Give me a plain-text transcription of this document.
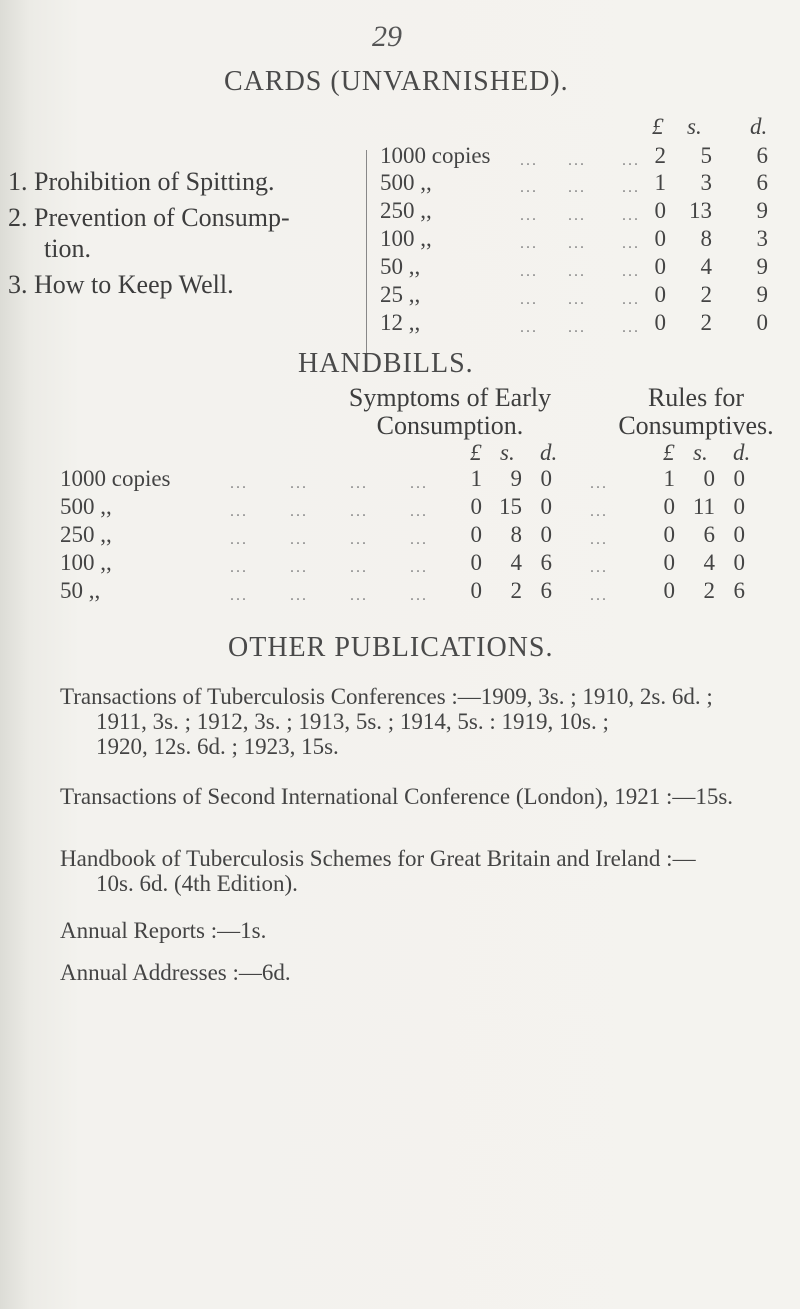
29
CARDS (UNVARNISHED).
1. Prohibition of Spitting.
2. Prevention of Consump-
tion.
3. How to Keep Well.
£ s. d.
1000 copies ...     ...      ... 2	5	6
500 ,,	...     ...      ... 1	3	6
250 ,,	...     ...      ... 0	13	9
100 ,,	...     ...      ... 0	8	3
50 ,,	...     ...      ... 0	4	9
25 ,,	...     ...      ... 0	2	9
12 ,,	...     ...      ... 0	2	0
HANDBILLS.
Symptoms of Early
Consumption.
Rules for
Consumptives.
£ s. d.	£ s. d.
1000 copies	...       ...       ...       ... 1	9 0 ... 1	0 0
500 ,,	...       ...       ...       ... 0 15 0 ... 0 11 0
250 ,,	...       ...       ...       ... 0	8 0 ... 0	6 0
100 ,,	...       ...       ...       ... 0	4 6 ... 0	4 0
50 ,,	...       ...       ...       ... 0	2 6 ... 0	2 6
OTHER PUBLICATIONS.
Transactions of Tuberculosis Conferences :—1909, 3s. ; 1910, 2s. 6d. ;
1911, 3s. ; 1912, 3s. ; 1913, 5s. ; 1914, 5s. : 1919, 10s. ;
1920, 12s. 6d. ; 1923, 15s.
Transactions of Second International Conference (London), 1921 :—15s.
Handbook of Tuberculosis Schemes for Great Britain and Ireland :—
10s. 6d. (4th Edition).
Annual Reports :—1s.
Annual Addresses :—6d.
